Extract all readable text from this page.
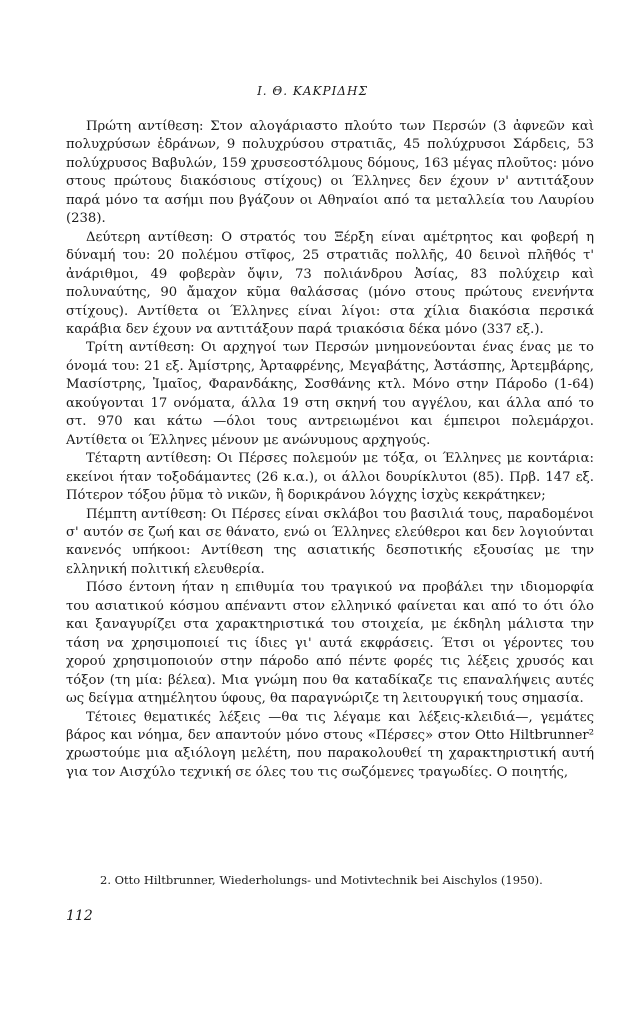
Ι. Θ. ΚΑΚΡΙΔΗΣ

Πρώτη αντίθεση: Στον αλογάριαστο πλούτο των Περσών (3 ἀφνεῶν καὶ πολυχρύσων ἑδράνων, 9 πολυχρύσου στρατιᾶς, 45 πολύχρυσοι Σάρδεις, 53 πολύχρυσος Βαβυλών, 159 χρυσεοστόλμους δόμους, 163 μέγας πλοῦτος: μόνο στους πρώτους διακόσιους στίχους) οι Έλληνες δεν έχουν ν' αντιτάξουν παρά μόνο τα ασήμι που βγάζουν οι Αθηναίοι από τα μεταλλεία του Λαυρίου (238).

Δεύτερη αντίθεση: Ο στρατός του Ξέρξη είναι αμέτρητος και φοβερή η δύναμή του: 20 πολέμου στῖφος, 25 στρατιᾶς πολλῆς, 40 δεινοὶ πλῆθός τ' ἀνάριθμοι, 49 φοβερὰν ὄψιν, 73 πολιάνδρου Ἀσίας, 83 πολύχειρ καὶ πολυναύτης, 90 ἄμαχον κῦμα θαλάσσας (μόνο στους πρώτους ενενήντα στίχους). Αντίθετα οι Έλληνες είναι λίγοι: στα χίλια διακόσια περσικά καράβια δεν έχουν να αντιτάξουν παρά τριακόσια δέκα μόνο (337 εξ.).

Τρίτη αντίθεση: Οι αρχηγοί των Περσών μνημονεύονται ένας ένας με το όνομά του: 21 εξ. Ἀμίστρης, Ἀρταφρένης, Μεγαβάτης, Ἀστάσπης, Ἀρτεμβάρης, Μασίστρης, Ἰμαῖος, Φαρανδάκης, Σοσθάνης κτλ. Μόνο στην Πάροδο (1-64) ακούγονται 17 ονόματα, άλλα 19 στη σκηνή του αγγέλου, και άλλα από το στ. 970 και κάτω —όλοι τους αντρειωμένοι και έμπειροι πολεμάρχοι. Αντίθετα οι Έλληνες μένουν με ανώνυμους αρχηγούς.

Τέταρτη αντίθεση: Οι Πέρσες πολεμούν με τόξα, οι Έλληνες με κοντάρια: εκείνοι ήταν τοξοδάμαντες (26 κ.α.), οι άλλοι δουρίκλυτοι (85). Πρβ. 147 εξ. Πότερον τόξου ῥῦμα τὸ νικῶν, ἢ δορικράνου λόγχης ἰσχὺς κεκράτηκεν;

Πέμπτη αντίθεση: Οι Πέρσες είναι σκλάβοι του βασιλιά τους, παραδομένοι σ' αυτόν σε ζωή και σε θάνατο, ενώ οι Έλληνες ελεύθεροι και δεν λογιούνται κανενός υπήκοοι: Αντίθεση της ασιατικής δεσποτικής εξουσίας με την ελληνική πολιτική ελευθερία.

Πόσο έντονη ήταν η επιθυμία του τραγικού να προβάλει την ιδιομορφία του ασιατικού κόσμου απέναντι στον ελληνικό φαίνεται και από το ότι όλο και ξαναγυρίζει στα χαρακτηριστικά του στοιχεία, με έκδηλη μάλιστα την τάση να χρησιμοποιεί τις ίδιες γι' αυτά εκφράσεις. Έτσι οι γέροντες του χορού χρησιμοποιούν στην πάροδο από πέντε φορές τις λέξεις χρυσός και τόξον (τη μία: βέλεα). Μια γνώμη που θα καταδίκαζε τις επαναλήψεις αυτές ως δείγμα ατημέλητου ύφους, θα παραγνώριζε τη λειτουργική τους σημασία.

Τέτοιες θεματικές λέξεις —θα τις λέγαμε και λέξεις-κλειδιά—, γεμάτες βάρος και νόημα, δεν απαντούν μόνο στους «Πέρσες» στον Otto Hiltbrunner² χρωστούμε μια αξιόλογη μελέτη, που παρακολουθεί τη χαρακτηριστική αυτή για τον Αισχύλο τεχνική σε όλες του τις σωζόμενες τραγωδίες. Ο ποιητής,

2. Otto Hiltbrunner, Wiederholungs- und Motivtechnik bei Aischylos (1950).
112
